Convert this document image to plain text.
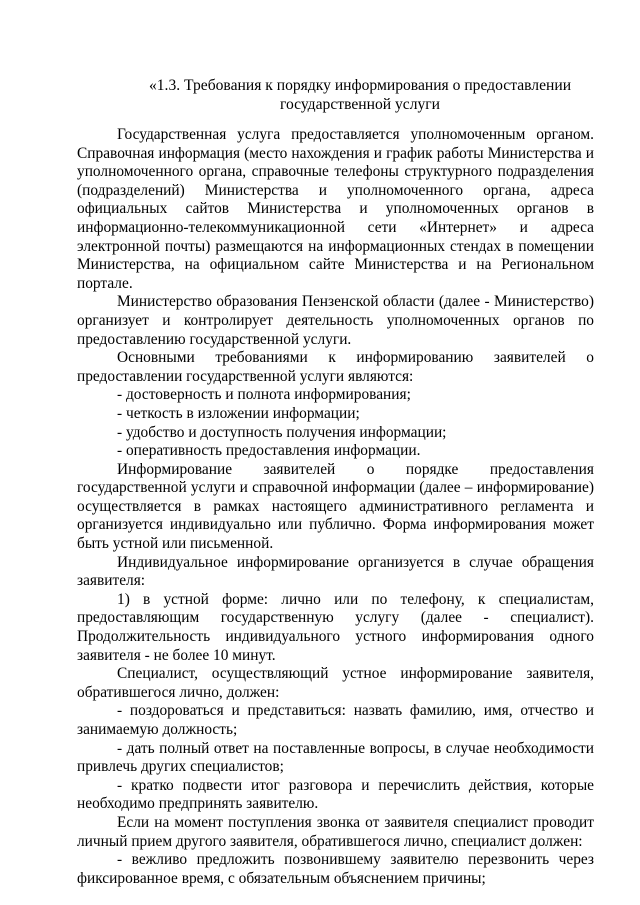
«1.3. Требования к порядку информирования о предоставлении
государственной услуги

Государственная услуга предоставляется уполномоченным органом. Справочная информация (место нахождения и график работы Министерства и уполномоченного органа, справочные телефоны структурного подразделения (подразделений) Министерства и уполномоченного органа, адреса официальных сайтов Министерства и уполномоченных органов в информационно-телекоммуникационной сети «Интернет» и адреса электронной почты) размещаются на информационных стендах в помещении Министерства, на официальном сайте Министерства и на Региональном портале.

Министерство образования Пензенской области (далее - Министерство) организует и контролирует деятельность уполномоченных органов по предоставлению государственной услуги.

Основными требованиями к информированию заявителей о предоставлении государственной услуги являются:

- достоверность и полнота информирования;

- четкость в изложении информации;

- удобство и доступность получения информации;

- оперативность предоставления информации.

Информирование заявителей о порядке предоставления государственной услуги и справочной информации (далее – информирование) осуществляется в рамках настоящего административного регламента и организуется индивидуально или публично. Форма информирования может быть устной или письменной.

Индивидуальное информирование организуется в случае обращения заявителя:

1) в устной форме: лично или по телефону, к специалистам, предоставляющим государственную услугу (далее - специалист). Продолжительность индивидуального устного информирования одного заявителя - не более 10 минут.

Специалист, осуществляющий устное информирование заявителя, обратившегося лично, должен:

- поздороваться и представиться: назвать фамилию, имя, отчество и занимаемую должность;

- дать полный ответ на поставленные вопросы, в случае необходимости привлечь других специалистов;

- кратко подвести итог разговора и перечислить действия, которые необходимо предпринять заявителю.

Если на момент поступления звонка от заявителя специалист проводит личный прием другого заявителя, обратившегося лично, специалист должен:

- вежливо предложить позвонившему заявителю перезвонить через фиксированное время, с обязательным объяснением причины;
